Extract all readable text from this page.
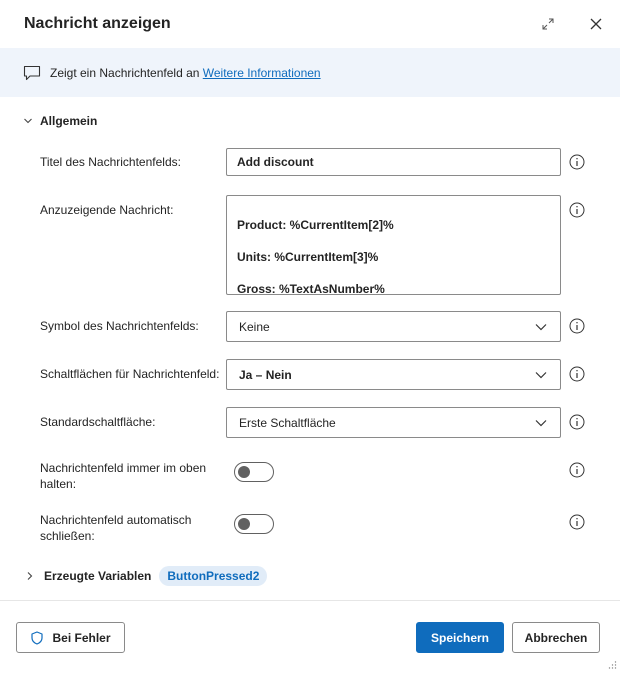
Nachricht anzeigen
Zeigt ein Nachrichtenfeld an Weitere Informationen
Allgemein
Titel des Nachrichtenfelds:	Add discount
Anzuzeigende Nachricht:

Product: %CurrentItem[2]%

Units: %CurrentItem[3]%

Gross: %TextAsNumber%

Symbol des Nachrichtenfelds:	Keine
Schaltflächen für Nachrichtenfeld: Ja – Nein
Standardschaltfläche:	Erste Schaltfläche
Nachrichtenfeld immer im oben
halten:
Nachrichtenfeld automatisch
schließen:
Erzeugte Variablen	ButtonPressed2
Bei Fehler	Speichern	Abbrechen
